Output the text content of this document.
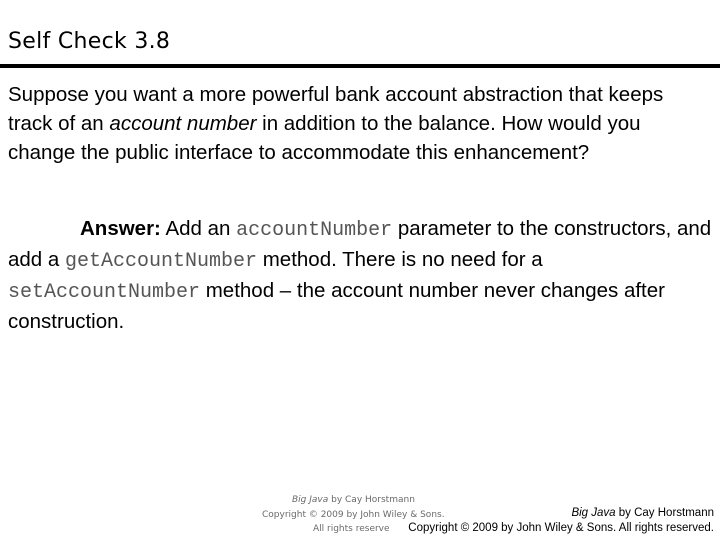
Self Check 3.8
Suppose you want a more powerful bank account abstraction that keeps track of an account number in addition to the balance. How would you change the public interface to accommodate this enhancement?
Answer: Add an accountNumber parameter to the constructors, and add a getAccountNumber method. There is no need for a setAccountNumber method – the account number never changes after construction.
Big Java by Cay Horstmann
Copyright © 2009 by John Wiley & Sons.
All rights reserve
Big Java by Cay Horstmann
Copyright © 2009 by John Wiley & Sons. All rights reserved.
